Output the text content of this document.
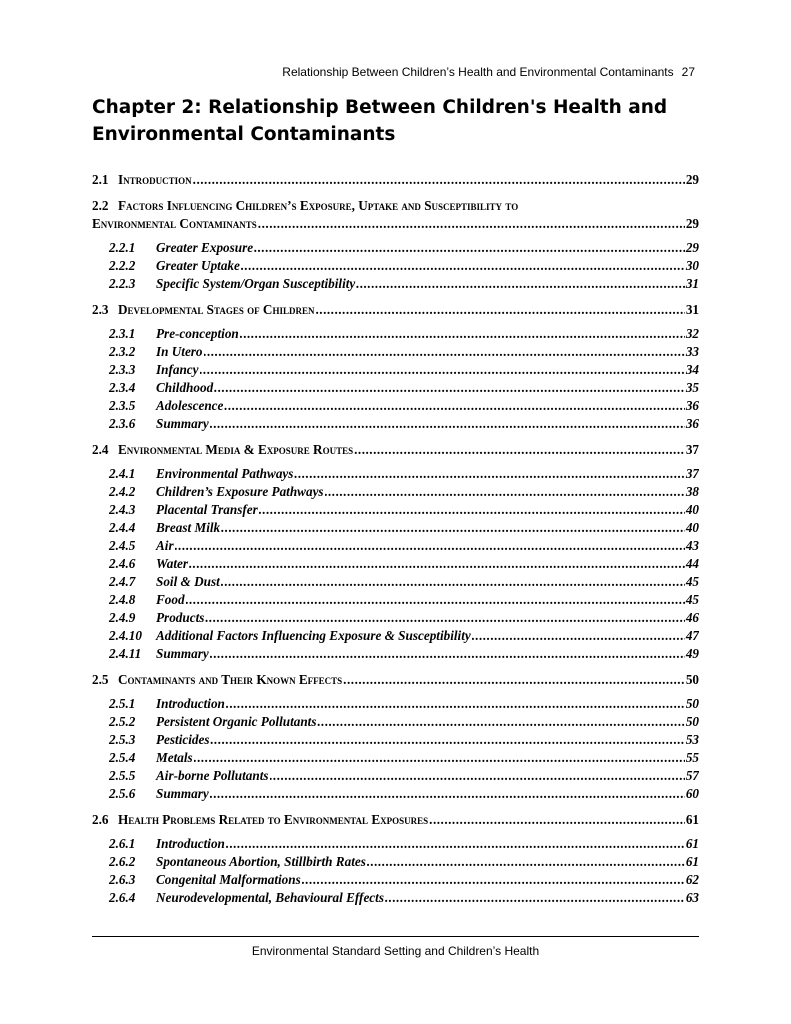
Relationship Between Children’s Health and Environmental Contaminants 27
Chapter 2: Relationship Between Children's Health and Environmental Contaminants
2.1 Introduction .....	29
2.2 Factors Influencing Children’s Exposure, Uptake and Susceptibility to
Environmental Contaminants .....	29
2.2.1	Greater Exposure .....	29
2.2.2	Greater Uptake .....	30
2.2.3	Specific System/Organ Susceptibility .....	31
2.3 Developmental Stages of Children .....	31
2.3.1	Pre-conception .....	32
2.3.2	In Utero .....	33
2.3.3	Infancy .....	34
2.3.4	Childhood .....	35
2.3.5	Adolescence .....	36
2.3.6	Summary .....	36
2.4 Environmental Media & Exposure Routes .....	37
2.4.1	Environmental Pathways .....	37
2.4.2	Children’s Exposure Pathways .....	38
2.4.3	Placental Transfer .....	40
2.4.4	Breast Milk .....	40
2.4.5	Air .....	43
2.4.6	Water .....	44
2.4.7	Soil & Dust .....	45
2.4.8	Food .....	45
2.4.9	Products .....	46
2.4.10	Additional Factors Influencing Exposure & Susceptibility .....	47
2.4.11	Summary .....	49
2.5 Contaminants and Their Known Effects .....	50
2.5.1	Introduction .....	50
2.5.2	Persistent Organic Pollutants .....	50
2.5.3	Pesticides .....	53
2.5.4	Metals .....	55
2.5.5	Air-borne Pollutants .....	57
2.5.6	Summary .....	60
2.6 Health Problems Related to Environmental Exposures .....	61
2.6.1	Introduction .....	61
2.6.2	Spontaneous Abortion, Stillbirth Rates .....	61
2.6.3	Congenital Malformations .....	62
2.6.4	Neurodevelopmental, Behavioural Effects .....	63
Environmental Standard Setting and Children’s Health
